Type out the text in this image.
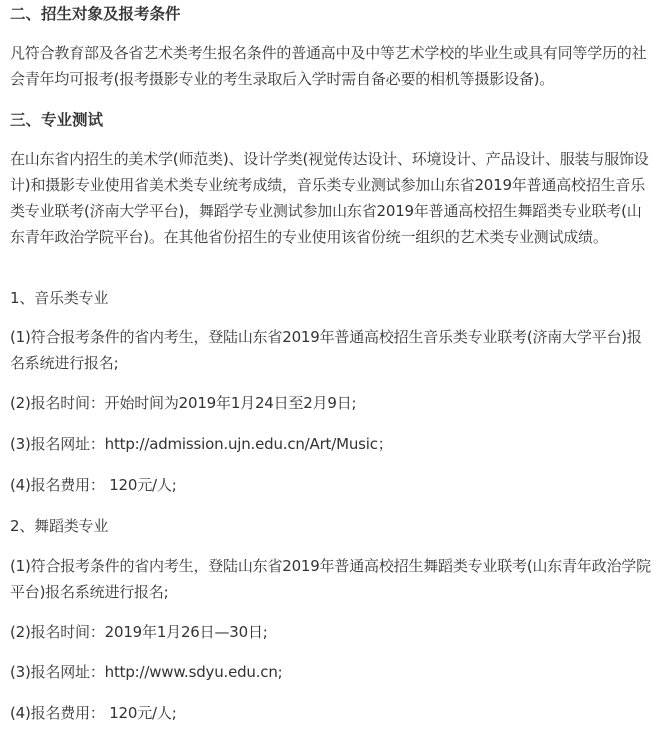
二、招生对象及报考条件

凡符合教育部及各省艺术类考生报名条件的普通高中及中等艺术学校的毕业生或具有同等学历的社会青年均可报考(报考摄影专业的考生录取后入学时需自备必要的相机等摄影设备)。

三、专业测试

在山东省内招生的美术学(师范类)、设计学类(视觉传达设计、环境设计、产品设计、服装与服饰设计)和摄影专业使用省美术类专业统考成绩，音乐类专业测试参加山东省2019年普通高校招生音乐类专业联考(济南大学平台)，舞蹈学专业测试参加山东省2019年普通高校招生舞蹈类专业联考(山东青年政治学院平台)。在其他省份招生的专业使用该省份统一组织的艺术类专业测试成绩。

1、音乐类专业

(1)符合报考条件的省内考生，登陆山东省2019年普通高校招生音乐类专业联考(济南大学平台)报名系统进行报名;

(2)报名时间：开始时间为2019年1月24日至2月9日;

(3)报名网址：http://admission.ujn.edu.cn/Art/Music；

(4)报名费用： 120元/人;

2、舞蹈类专业

(1)符合报考条件的省内考生，登陆山东省2019年普通高校招生舞蹈类专业联考(山东青年政治学院平台)报名系统进行报名;

(2)报名时间：2019年1月26日—30日;

(3)报名网址：http://www.sdyu.edu.cn;

(4)报名费用： 120元/人;
